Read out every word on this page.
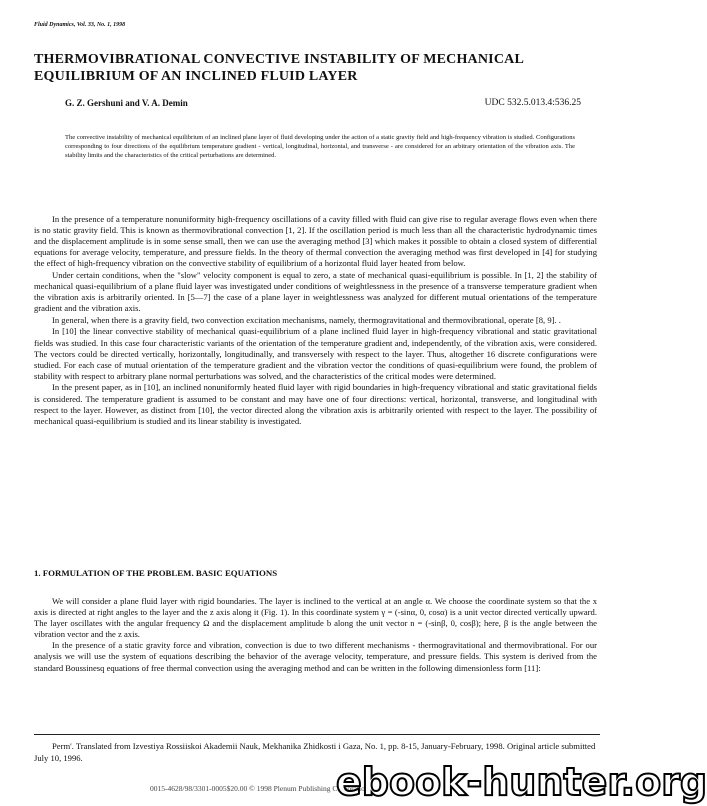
Fluid Dynamics, Vol. 33, No. 1, 1998
THERMOVIBRATIONAL CONVECTIVE INSTABILITY OF MECHANICAL EQUILIBRIUM OF AN INCLINED FLUID LAYER
G. Z. Gershuni and V. A. Demin	UDC 532.5.013.4:536.25
The convective instability of mechanical equilibrium of an inclined plane layer of fluid developing under the action of a static gravity field and high-frequency vibration is studied. Configurations corresponding to four directions of the equilibrium temperature gradient - vertical, longitudinal, horizontal, and transverse - are considered for an arbitrary orientation of the vibration axis. The stability limits and the characteristics of the critical perturbations are determined.

In the presence of a temperature nonuniformity high-frequency oscillations of a cavity filled with fluid can give rise to regular average flows even when there is no static gravity field. This is known as thermovibrational convection [1, 2]. If the oscillation period is much less than all the characteristic hydrodynamic times and the displacement amplitude is in some sense small, then we can use the averaging method [3] which makes it possible to obtain a closed system of differential equations for average velocity, temperature, and pressure fields. In the theory of thermal convection the averaging method was first developed in [4] for studying the effect of high-frequency vibration on the convective stability of equilibrium of a horizontal fluid layer heated from below.

Under certain conditions, when the "slow" velocity component is equal to zero, a state of mechanical quasi-equilibrium is possible. In [1, 2] the stability of mechanical quasi-equilibrium of a plane fluid layer was investigated under conditions of weightlessness in the presence of a transverse temperature gradient when the vibration axis is arbitrarily oriented. In [5—7] the case of a plane layer in weightlessness was analyzed for different mutual orientations of the temperature gradient and the vibration axis.

In general, when there is a gravity field, two convection excitation mechanisms, namely, thermogravitational and thermovibrational, operate [8, 9]. .

In [10] the linear convective stability of mechanical quasi-equilibrium of a plane inclined fluid layer in high-frequency vibrational and static gravitational fields was studied. In this case four characteristic variants of the orientation of the temperature gradient and, independently, of the vibration axis, were considered. The vectors could be directed vertically, horizontally, longitudinally, and transversely with respect to the layer. Thus, altogether 16 discrete configurations were studied. For each case of mutual orientation of the temperature gradient and the vibration vector the conditions of quasi-equilibrium were found, the problem of stability with respect to arbitrary plane normal perturbations was solved, and the characteristics of the critical modes were determined.

In the present paper, as in [10], an inclined nonuniformly heated fluid layer with rigid boundaries in high-frequency vibrational and static gravitational fields is considered. The temperature gradient is assumed to be constant and may have one of four directions: vertical, horizontal, transverse, and longitudinal with respect to the layer. However, as distinct from [10], the vector directed along the vibration axis is arbitrarily oriented with respect to the layer. The possibility of mechanical quasi-equilibrium is studied and its linear stability is investigated.

1. FORMULATION OF THE PROBLEM. BASIC EQUATIONS

We will consider a plane fluid layer with rigid boundaries. The layer is inclined to the vertical at an angle α. We choose the coordinate system so that the x axis is directed at right angles to the layer and the z axis along it (Fig. 1). In this coordinate system γ = (-sinα, 0, cosα) is a unit vector directed vertically upward. The layer oscillates with the angular frequency Ω and the displacement amplitude b along the unit vector n = (-sinβ, 0, cosβ); here, β is the angle between the vibration vector and the z axis.

In the presence of a static gravity force and vibration, convection is due to two different mechanisms - thermogravitational and thermovibrational. For our analysis we will use the system of equations describing the behavior of the average velocity, temperature, and pressure fields. This system is derived from the standard Boussinesq equations of free thermal convection using the averaging method and can be written in the following dimensionless form [11]:

Perm'. Translated from Izvestiya Rossiiskoi Akademii Nauk, Mekhanika Zhidkosti i Gaza, No. 1, pp. 8-15, January-February, 1998. Original article submitted July 10, 1996.
0015-4628/98/3301-0005$20.00 © 1998 Plenum Publishing Corporation
ebook-hunter.org
